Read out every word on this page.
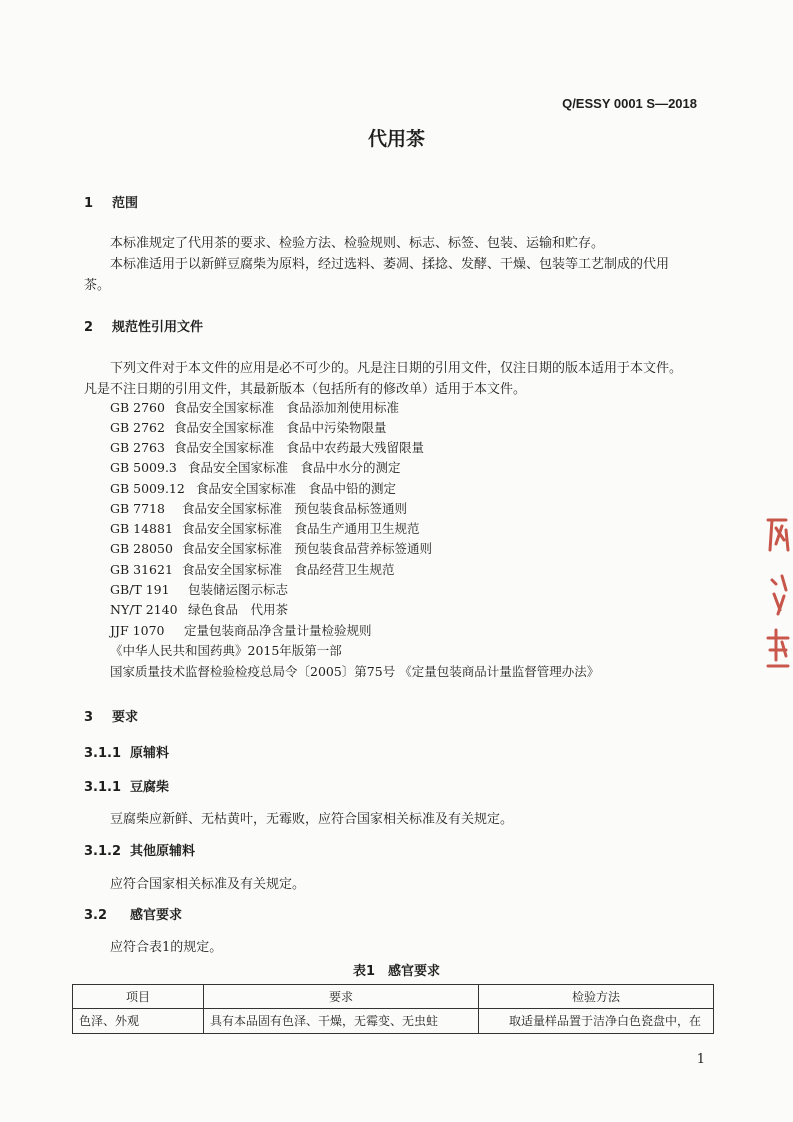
Q/ESSY 0001 S—2018
代用茶
1 范围
本标准规定了代用茶的要求、检验方法、检验规则、标志、标签、包装、运输和贮存。
本标准适用于以新鲜豆腐柴为原料，经过选料、萎凋、揉捻、发酵、干燥、包装等工艺制成的代用
茶。
2 规范性引用文件
下列文件对于本文件的应用是必不可少的。凡是注日期的引用文件，仅注日期的版本适用于本文件。
凡是不注日期的引用文件，其最新版本（包括所有的修改单）适用于本文件。
GB 2760 食品安全国家标准　食品添加剂使用标准
GB 2762 食品安全国家标准　食品中污染物限量
GB 2763 食品安全国家标准　食品中农药最大残留限量
GB 5009.3 食品安全国家标准　食品中水分的测定
GB 5009.12 食品安全国家标准　食品中铅的测定
GB 7718 食品安全国家标准　预包装食品标签通则
GB 14881 食品安全国家标准　食品生产通用卫生规范
GB 28050 食品安全国家标准　预包装食品营养标签通则
GB 31621 食品安全国家标准　食品经营卫生规范
GB/T 191 包装储运图示标志
NY/T 2140 绿色食品　代用茶
JJF 1070 定量包装商品净含量计量检验规则
《中华人民共和国药典》2015年版第一部
国家质量技术监督检验检疫总局令〔2005〕第75号 《定量包装商品计量监督管理办法》
3 要求
3.1.1 原辅料
3.1.1 豆腐柴
豆腐柴应新鲜、无枯黄叶，无霉败，应符合国家相关标准及有关规定。
3.1.2 其他原辅料
应符合国家相关标准及有关规定。
3.2 感官要求
应符合表1的规定。
表1　感官要求
项目	要求	检验方法
色泽、外观	具有本品固有色泽、干燥，无霉变、无虫蛀	取适量样品置于洁净白色瓷盘中，在
1
